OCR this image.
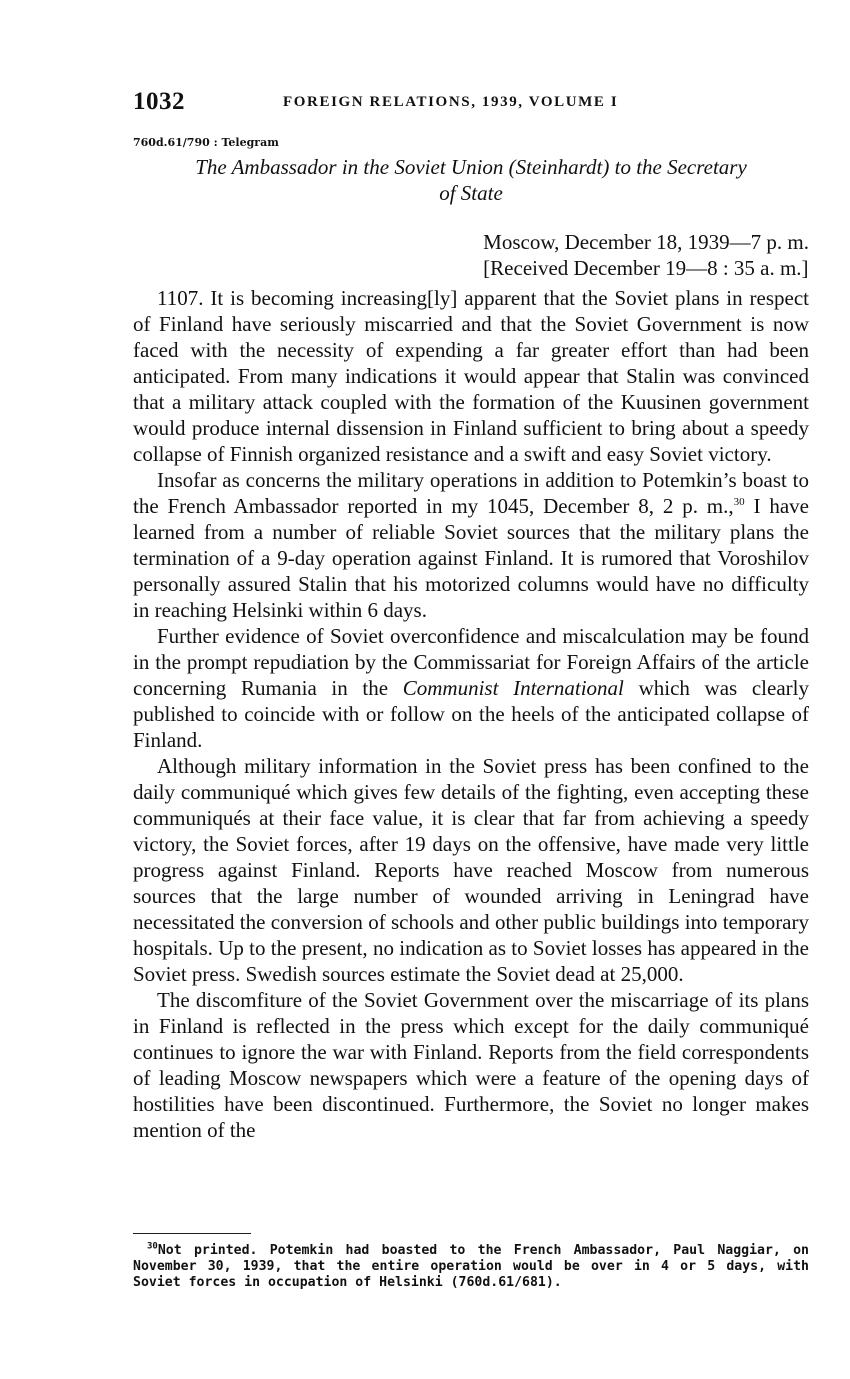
1032	FOREIGN RELATIONS, 1939, VOLUME I
760d.61/790 : Telegram
The Ambassador in the Soviet Union (Steinhardt) to the Secretary
of State
Moscow, December 18, 1939—7 p. m.
[Received December 19—8 : 35 a. m.]

1107. It is becoming increasing[ly] apparent that the Soviet plans in respect of Finland have seriously miscarried and that the Soviet Government is now faced with the necessity of expending a far greater effort than had been anticipated. From many indications it would appear that Stalin was convinced that a military attack coupled with the formation of the Kuusinen government would produce internal dissension in Finland sufficient to bring about a speedy collapse of Finnish organized resistance and a swift and easy Soviet victory.

Insofar as concerns the military operations in addition to Potemkin’s boast to the French Ambassador reported in my 1045, December 8, 2 p. m.,$^{30}$ I have learned from a number of reliable Soviet sources that the military plans the termination of a 9-day operation against Finland. It is rumored that Voroshilov personally assured Stalin that his motorized columns would have no difficulty in reaching Helsinki within 6 days.

Further evidence of Soviet overconfidence and miscalculation may be found in the prompt repudiation by the Commissariat for Foreign Affairs of the article concerning Rumania in the Communist International which was clearly published to coincide with or follow on the heels of the anticipated collapse of Finland.

Although military information in the Soviet press has been confined to the daily communiqué which gives few details of the fighting, even accepting these communiqués at their face value, it is clear that far from achieving a speedy victory, the Soviet forces, after 19 days on the offensive, have made very little progress against Finland. Reports have reached Moscow from numerous sources that the large number of wounded arriving in Leningrad have necessitated the conversion of schools and other public buildings into temporary hospitals. Up to the present, no indication as to Soviet losses has appeared in the Soviet press. Swedish sources estimate the Soviet dead at 25,000.

The discomfiture of the Soviet Government over the miscarriage of its plans in Finland is reflected in the press which except for the daily communiqué continues to ignore the war with Finland. Reports from the field correspondents of leading Moscow newspapers which were a feature of the opening days of hostilities have been discontinued. Furthermore, the Soviet no longer makes mention of the

$^{30}$Not printed. Potemkin had boasted to the French Ambassador, Paul Naggiar, on November 30, 1939, that the entire operation would be over in 4 or 5 days, with Soviet forces in occupation of Helsinki (760d.61/681).
